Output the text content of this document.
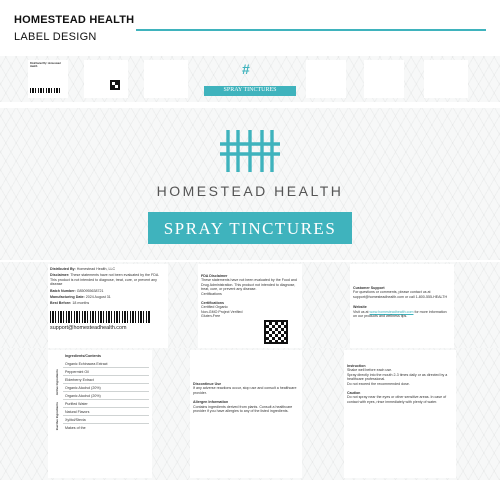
HOMESTEAD HEALTH
LABEL DESIGN
Distributed By: Homestead Health	#
SPRAY TINCTURES
HOMESTEAD HEALTH
SPRAY TINCTURES
Distributed By: Homestead Health, LLC
Disclaimer: These statements have not been evaluated by the FDA. This product is not intended to diagnose, treat, cure, or prevent any disease
Batch Number: G850955638721
Manufacturing Date: 2024 August 31
Best Before: 18 months
support@homesteadhealth.com
FDA Disclaimer
These statements have not been evaluated by the Food and Drug Administration. This product not intended to diagnose, treat, cure, or prevent any disease.
Certifications
Certifications
Certified Organic
Non-GMO Project Verified
Gluten-Free
Customer Support
For questions or comments, please contact us at support@homesteadhealth.com or call 1-800-555-HEALTH
Website
Visit us at www.homesteadhealth.com for more information on our products and wellness tips.
Ingredients/Contents
Active Ingredients
Organic Echinacea Extract
Peppermint Oil
Elderberry Extract
Organic Alcohol (20%)
Organic Alcohol (20%)
Inactive Ingredients	Purified Water
Natural Flavors
Xylitol/Stevia
Makes of the
Discontinue Use
If any adverse reactions occur, stop use and consult a healthcare provider.
Allergen Information
Contains ingredients derived from plants. Consult a healthcare provider if you have allergies to any of the listed ingredients.
Instruction
Shake well before each use.
Spray directly into the mouth 2-3 times daily or as directed by a healthcare professional.
Do not exceed the recommended dose.
Caution
Do not spray near the eyes or other sensitive areas. In case of contact with eyes, rinse immediately with plenty of water.
